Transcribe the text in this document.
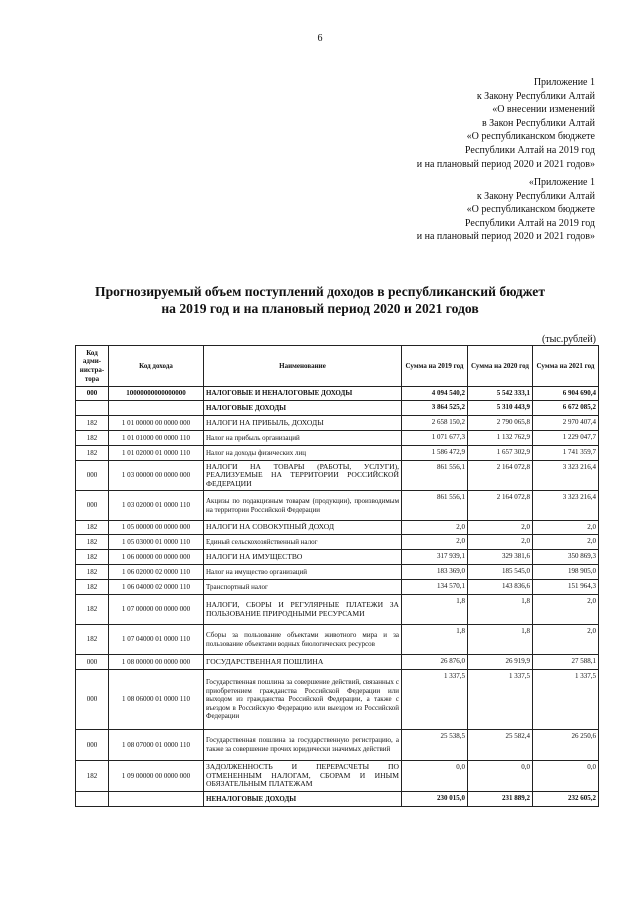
6
Приложение 1
к Закону Республики Алтай
«О внесении изменений
в Закон Республики Алтай
«О республиканском бюджете
Республики Алтай на 2019 год
и на плановый период 2020 и 2021 годов»
«Приложение 1
к Закону Республики Алтай
«О республиканском бюджете
Республики Алтай на 2019 год
и на плановый период 2020 и 2021 годов»
Прогнозируемый объем поступлений доходов в республиканский бюджет
на 2019 год и на плановый период 2020 и 2021 годов
(тыс.рублей)
Код адми-нистра-тора	Код дохода	Наименование	Сумма на 2019 год	Сумма на 2020 год	Сумма на 2021 год
000	10000000000000000	НАЛОГОВЫЕ И НЕНАЛОГОВЫЕ ДОХОДЫ	4 094 540,2	5 542 333,1	6 904 690,4
		НАЛОГОВЫЕ ДОХОДЫ	3 864 525,2	5 310 443,9	6 672 085,2
182	1 01 00000 00 0000 000	НАЛОГИ НА ПРИБЫЛЬ, ДОХОДЫ	2 658 150,2	2 790 065,8	2 970 407,4
182	1 01 01000 00 0000 110	Налог на прибыль организаций	1 071 677,3	1 132 762,9	1 229 047,7
182	1 01 02000 01 0000 110	Налог на доходы физических лиц	1 586 472,9	1 657 302,9	1 741 359,7
000	1 03 00000 00 0000 000	НАЛОГИ НА ТОВАРЫ (РАБОТЫ, УСЛУГИ), РЕАЛИЗУЕМЫЕ НА ТЕРРИТОРИИ РОССИЙСКОЙ ФЕДЕРАЦИИ	861 556,1	2 164 072,8	3 323 216,4
000	1 03 02000 01 0000 110	Акцизы по подакцизным товарам (продукции), производимым на территории Российской Федерации	861 556,1	2 164 072,8	3 323 216,4
182	1 05 00000 00 0000 000	НАЛОГИ НА СОВОКУПНЫЙ ДОХОД	2,0	2,0	2,0
182	1 05 03000 01 0000 110	Единый сельскохозяйственный налог	2,0	2,0	2,0
182	1 06 00000 00 0000 000	НАЛОГИ НА ИМУЩЕСТВО	317 939,1	329 381,6	350 869,3
182	1 06 02000 02 0000 110	Налог на имущество организаций	183 369,0	185 545,0	198 905,0
182	1 06 04000 02 0000 110	Транспортный налог	134 570,1	143 836,6	151 964,3
182	1 07 00000 00 0000 000	НАЛОГИ, СБОРЫ И РЕГУЛЯРНЫЕ ПЛАТЕЖИ ЗА ПОЛЬЗОВАНИЕ ПРИРОДНЫМИ РЕСУРСАМИ	1,8	1,8	2,0
182	1 07 04000 01 0000 110	Сборы за пользование объектами животного мира и за пользование объектами водных биологических ресурсов	1,8	1,8	2,0
000	1 08 00000 00 0000 000	ГОСУДАРСТВЕННАЯ ПОШЛИНА	26 876,0	26 919,9	27 588,1
000	1 08 06000 01 0000 110	Государственная пошлина за совершение действий, связанных с приобретением гражданства Российской Федерации или выходом из гражданства Российской Федерации, а также с въездом в Российскую Федерацию или выездом из Российской Федерации	1 337,5	1 337,5	1 337,5
000	1 08 07000 01 0000 110	Государственная пошлина за государственную регистрацию, а также за совершение прочих юридически значимых действий	25 538,5	25 582,4	26 250,6
182	1 09 00000 00 0000 000	ЗАДОЛЖЕННОСТЬ И ПЕРЕРАСЧЕТЫ ПО ОТМЕНЕННЫМ НАЛОГАМ, СБОРАМ И ИНЫМ ОБЯЗАТЕЛЬНЫМ ПЛАТЕЖАМ	0,0	0,0	0,0
		НЕНАЛОГОВЫЕ ДОХОДЫ	230 015,0	231 889,2	232 605,2
